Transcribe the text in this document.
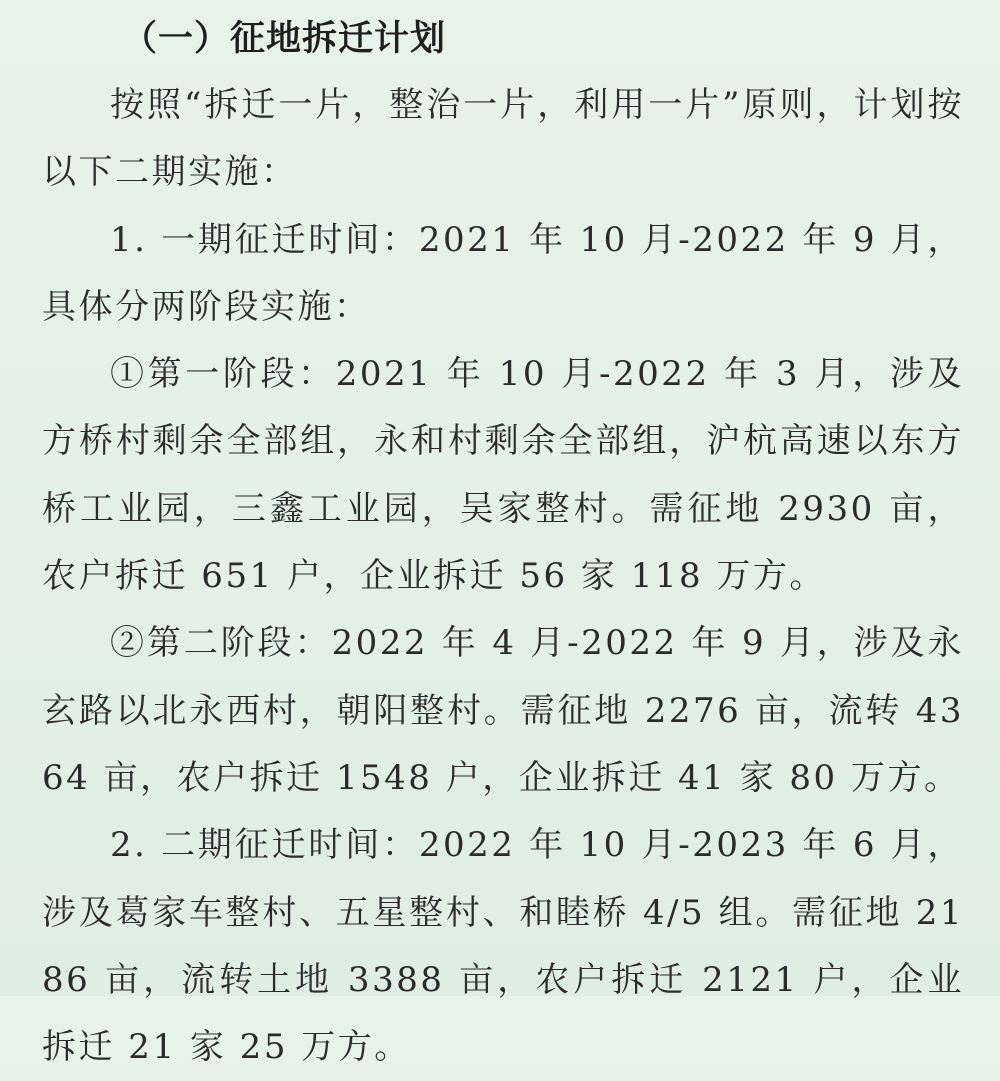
（一）征地拆迁计划

按照“拆迁一片，整治一片，利用一片”原则，计划按以下二期实施：

1. 一期征迁时间：2021 年 10 月-2022 年 9 月，具体分两阶段实施：

①第一阶段：2021 年 10 月-2022 年 3 月，涉及方桥村剩余全部组，永和村剩余全部组，沪杭高速以东方桥工业园，三鑫工业园，吴家整村。需征地 2930 亩，农户拆迁 651 户，企业拆迁 56 家 118 万方。

②第二阶段：2022 年 4 月-2022 年 9 月，涉及永玄路以北永西村，朝阳整村。需征地 2276 亩，流转 4364 亩，农户拆迁 1548 户，企业拆迁 41 家 80 万方。

2. 二期征迁时间：2022 年 10 月-2023 年 6 月，涉及葛家车整村、五星整村、和睦桥 4/5 组。需征地 2186 亩，流转土地 3388 亩，农户拆迁 2121 户，企业拆迁 21 家 25 万方。
